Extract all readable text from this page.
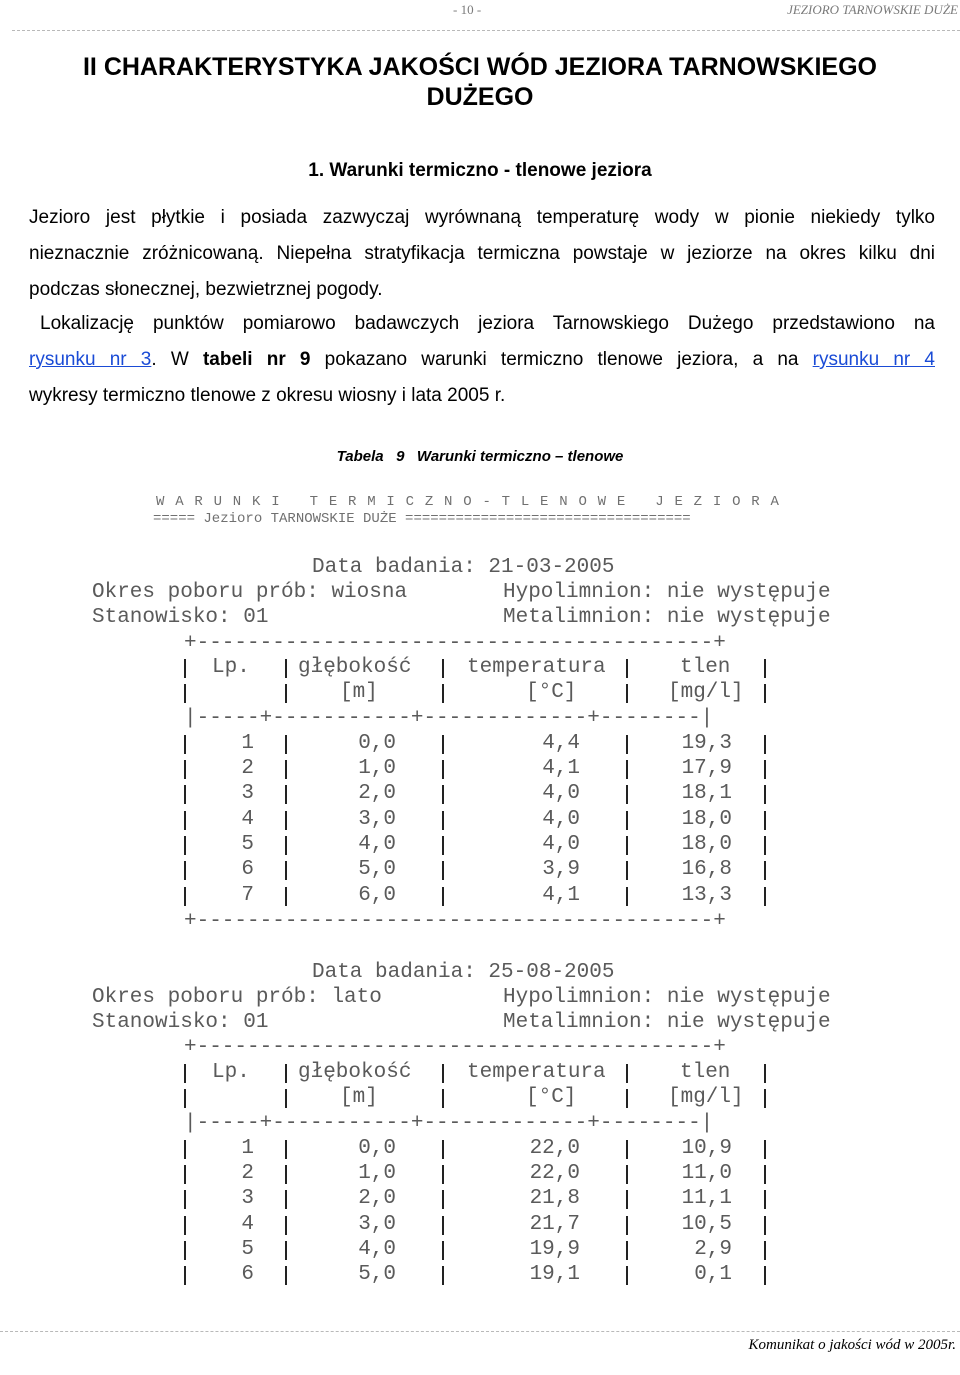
- 10 -	JEZIORO TARNOWSKIE DUŻE
II CHARAKTERYSTYKA JAKOŚCI WÓD JEZIORA TARNOWSKIEGO
DUŻEGO
1. Warunki termiczno - tlenowe jeziora
Jezioro jest płytkie i posiada zazwyczaj wyrównaną temperaturę wody w pionie niekiedy tylko
nieznacznie zróżnicowaną. Niepełna stratyfikacja termiczna powstaje w jeziorze na okres kilku dni
podczas słonecznej, bezwietrznej pogody.
Lokalizację punktów pomiarowo badawczych jeziora Tarnowskiego Dużego przedstawiono na
rysunku nr 3. W tabeli nr 9 pokazano warunki termiczno tlenowe jeziora, a na rysunku nr 4
wykresy termiczno tlenowe z okresu wiosny i lata 2005 r.
Tabela   9   Warunki termiczno – tlenowe
W A R U N K I   T E R M I C Z N O - T L E N O W E   J E Z I O R A
===== Jezioro TARNOWSKIE DUŻE ==================================
Data badania: 21-03-2005
Okres poboru prób: wiosna	Hypolimnion: nie występuje
Stanowisko: 01	Metalimnion: nie występuje
+-----------------------------------------+
Lp. głębokość	temperatura	tlen
[m]	[°C]	[mg/l]
|-----+-----------+-------------+--------|
1	0,0	4,4	19,3
2	1,0	4,1	17,9
3	2,0	4,0	18,1
4	3,0	4,0	18,0
5	4,0	4,0	18,0
6	5,0	3,9	16,8
7	6,0	4,1	13,3
Data badania: 25-08-2005
Okres poboru prób: lato	Hypolimnion: nie występuje
Stanowisko: 01	Metalimnion: nie występuje
+-----------------------------------------+
Lp. głębokość	temperatura	tlen
[m]	[°C]	[mg/l]
|-----+-----------+-------------+--------|
1	0,0	22,0	10,9
2	1,0	22,0	11,0
3	2,0	21,8	11,1
4	3,0	21,7	10,5
5	4,0	19,9	2,9
6	5,0	19,1	0,1
Komunikat o jakości wód w 2005r.
+-----------------------------------------+
